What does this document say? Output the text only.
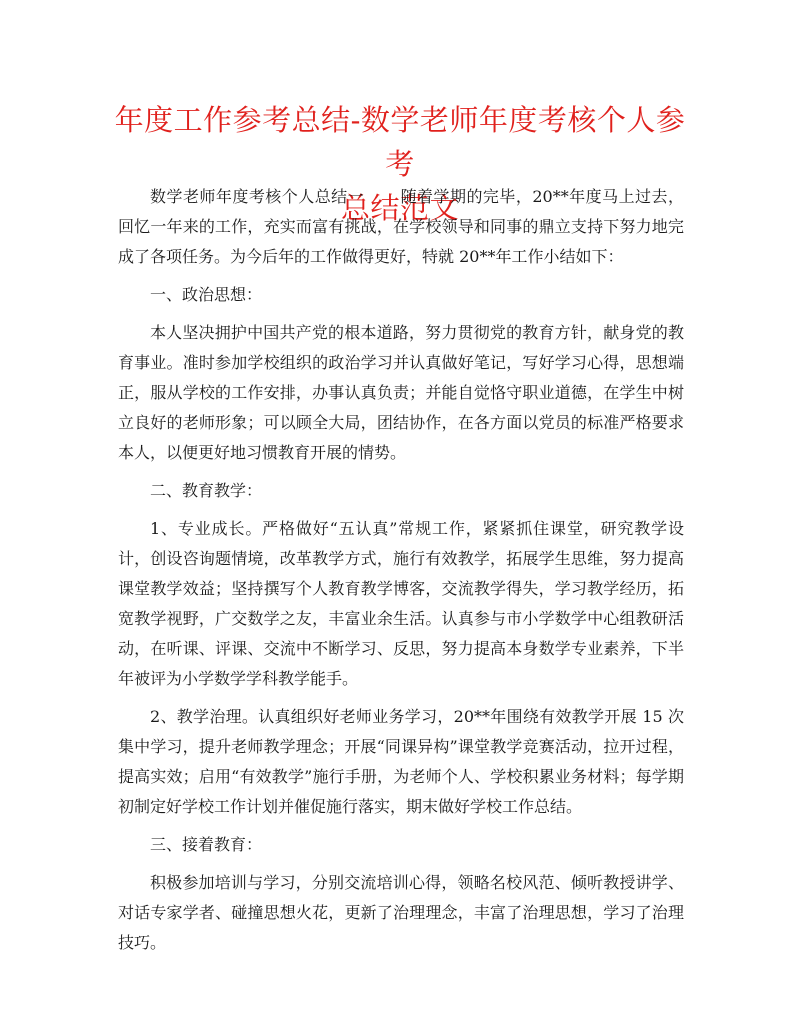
年度工作参考总结-数学老师年度考核个人参考
总结范文

数学老师年度考核个人总结一 随着学期的完毕，20**年度马上过去，回忆一年来的工作，充实而富有挑战，在学校领导和同事的鼎立支持下努力地完成了各项任务。为今后年的工作做得更好，特就 20**年工作小结如下：

一、政治思想：

本人坚决拥护中国共产党的根本道路，努力贯彻党的教育方针，献身党的教育事业。准时参加学校组织的政治学习并认真做好笔记，写好学习心得，思想端正，服从学校的工作安排，办事认真负责；并能自觉恪守职业道德，在学生中树立良好的老师形象；可以顾全大局，团结协作，在各方面以党员的标准严格要求本人，以便更好地习惯教育开展的情势。

二、教育教学：

1、专业成长。严格做好“五认真”常规工作，紧紧抓住课堂，研究教学设计，创设咨询题情境，改革教学方式，施行有效教学，拓展学生思维，努力提高课堂教学效益；坚持撰写个人教育教学博客，交流教学得失，学习教学经历，拓宽教学视野，广交数学之友，丰富业余生活。认真参与市小学数学中心组教研活动，在听课、评课、交流中不断学习、反思，努力提高本身数学专业素养，下半年被评为小学数学学科教学能手。

2、教学治理。认真组织好老师业务学习，20**年围绕有效教学开展 15 次集中学习，提升老师教学理念；开展“同课异构”课堂教学竞赛活动，拉开过程，提高实效；启用“有效教学”施行手册，为老师个人、学校积累业务材料；每学期初制定好学校工作计划并催促施行落实，期末做好学校工作总结。

三、接着教育：

积极参加培训与学习，分别交流培训心得，领略名校风范、倾听教授讲学、对话专家学者、碰撞思想火花，更新了治理理念，丰富了治理思想，学习了治理技巧。
